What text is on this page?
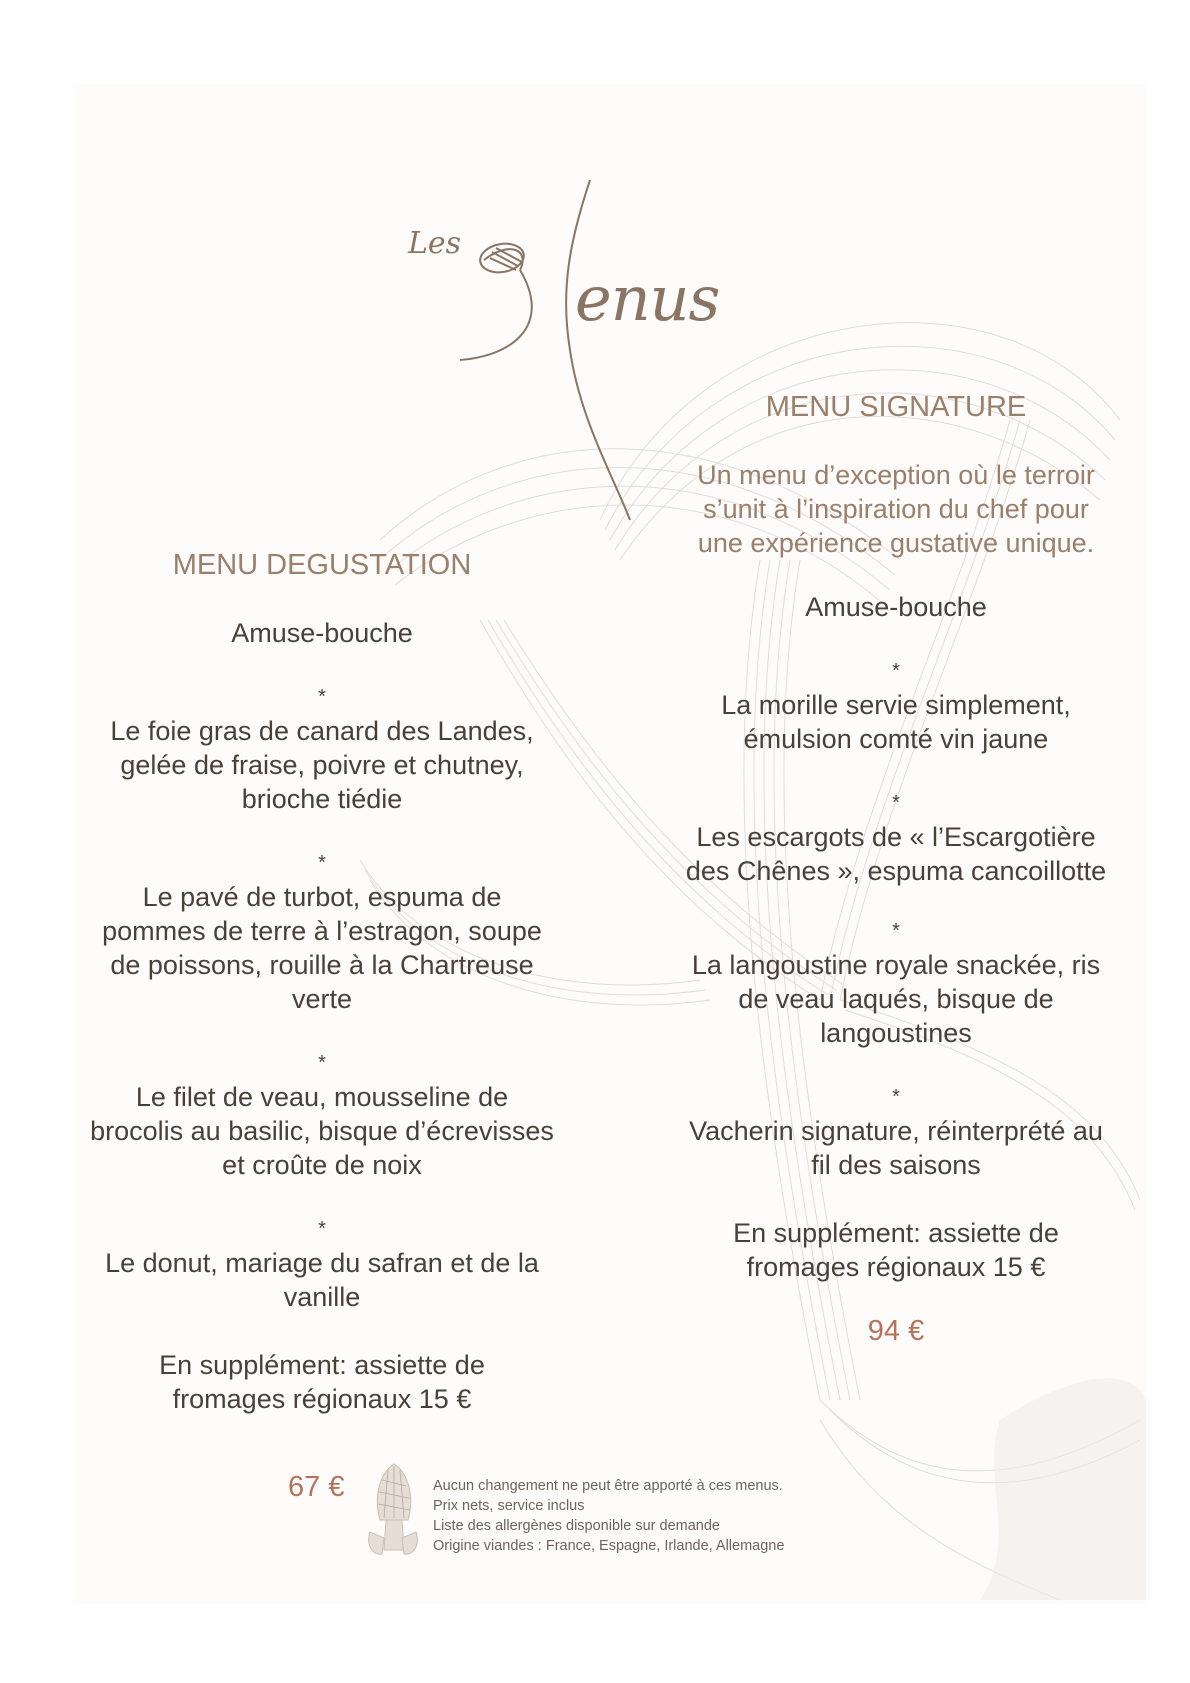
Les
enus
MENU DEGUSTATION

Amuse-bouche

*

Le foie gras de canard des Landes,

gelée de fraise, poivre et chutney,

brioche tiédie

*

Le pavé de turbot, espuma de

pommes de terre à l’estragon, soupe

de poissons, rouille à la Chartreuse

verte

*

Le filet de veau, mousseline de

brocolis au basilic, bisque d’écrevisses

et croûte de noix

*

Le donut, mariage du safran et de la

vanille

En supplément: assiette de

fromages régionaux 15 €

MENU SIGNATURE

Un menu d’exception où le terroir

s’unit à l’inspiration du chef pour

une expérience gustative unique.

Amuse-bouche

*

La morille servie simplement,

émulsion comté vin jaune

*

Les escargots de « l’Escargotière

des Chênes », espuma cancoillotte

*

La langoustine royale snackée, ris

de veau laqués, bisque de

langoustines

*

Vacherin signature, réinterprété au

fil des saisons

En supplément: assiette de

fromages régionaux 15 €

94 €

67 €	Aucun changement ne peut être apporté à ces menus.
Prix nets, service inclus
Liste des allergènes disponible sur demande
Origine viandes : France, Espagne, Irlande, Allemagne
